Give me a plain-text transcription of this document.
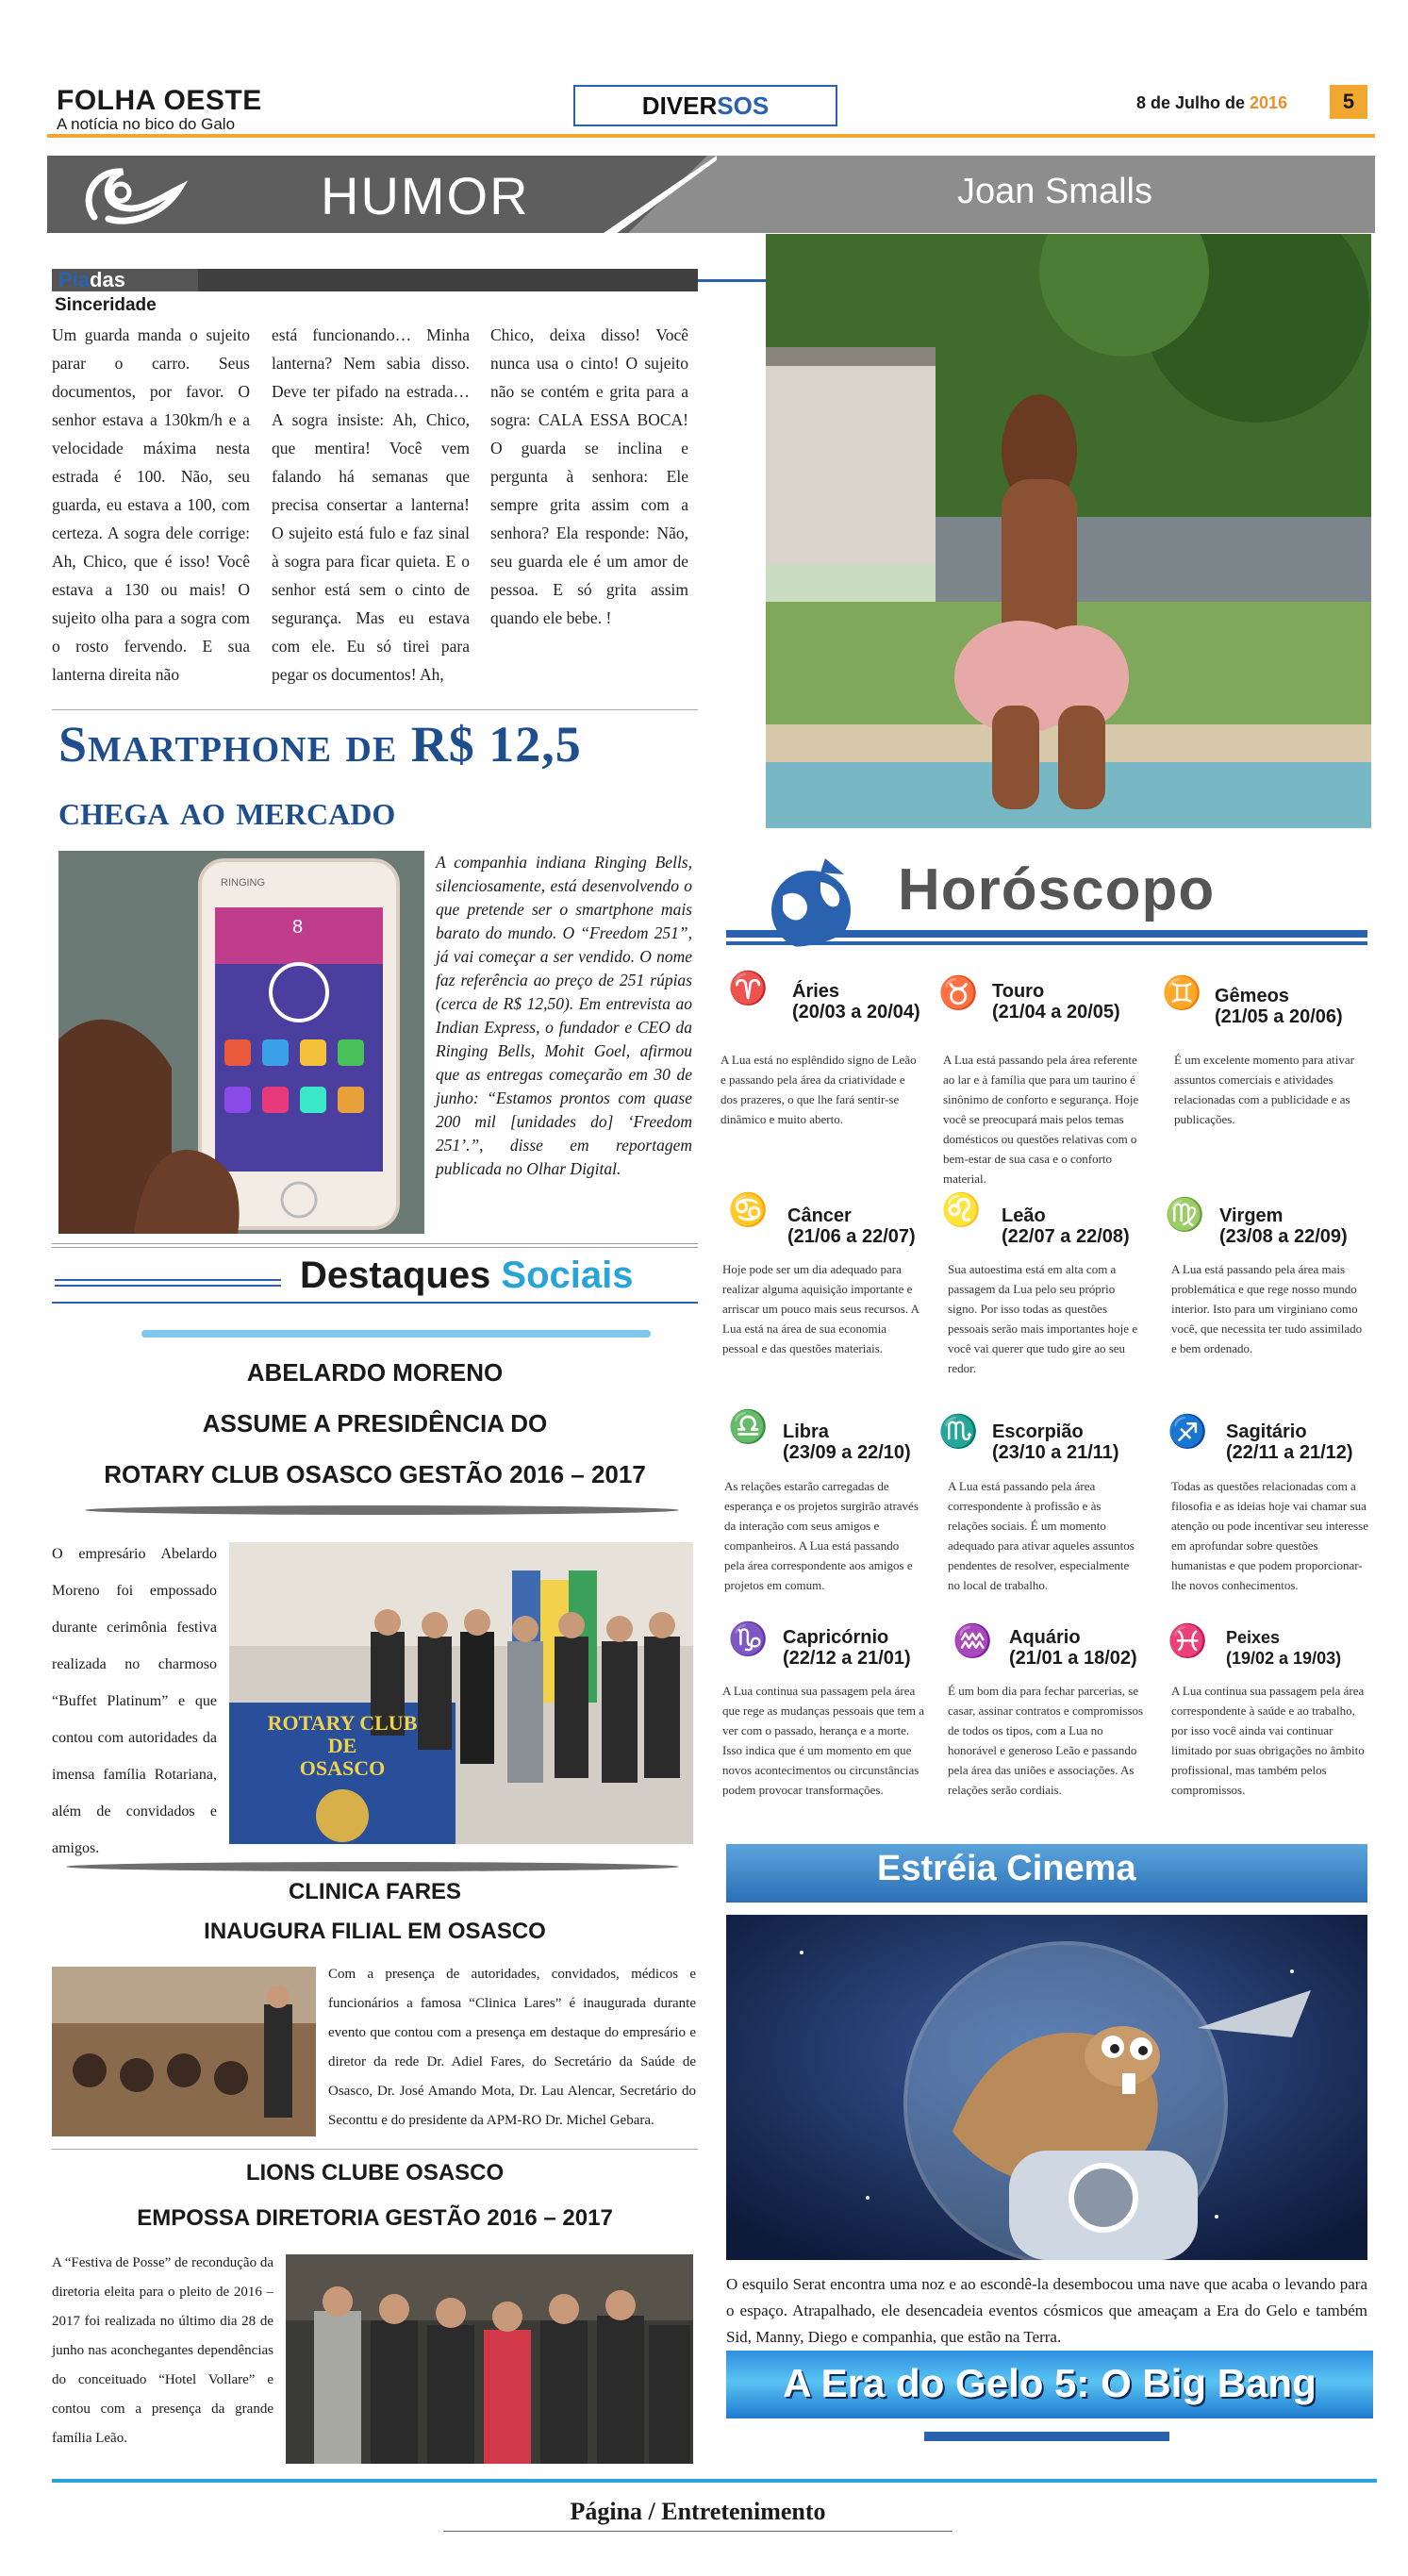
FOLHA OESTE
A notícia no bico do Galo
DIVER SOS	8 de Julho de 2016	5
HUMOR	Joan Smalls
Piadas
Sinceridade
Um guarda manda o sujeito parar o carro. Seus documentos, por favor. O senhor estava a 130km/h e a velocidade máxima nesta estrada é 100. Não, seu guarda, eu estava a 100, com certeza. A sogra dele corrige: Ah, Chico, que é isso! Você estava a 130 ou mais! O sujeito olha para a sogra com o rosto fervendo. E sua lanterna direita não
está funcionando… Minha lanterna? Nem sabia disso. Deve ter pifado na estrada… A sogra insiste: Ah, Chico, que mentira! Você vem falando há semanas que precisa consertar a lanterna! O sujeito está fulo e faz sinal à sogra para ficar quieta. E o senhor está sem o cinto de segurança. Mas eu estava com ele. Eu só tirei para pegar os documentos! Ah,
Chico, deixa disso! Você nunca usa o cinto! O sujeito não se contém e grita para a sogra: CALA ESSA BOCA! O guarda se inclina e pergunta à senhora: Ele sempre grita assim com a senhora? Ela responde: Não, seu guarda ele é um amor de pessoa. E só grita assim quando ele bebe. !
Smartphone de R$ 12,5
chega ao mercado
RINGING
8
A companhia indiana Ringing Bells, silenciosamente, está desenvolvendo o que pretende ser o smartphone mais barato do mundo. O “Freedom 251”, já vai começar a ser vendido. O nome faz referência ao preço de 251 rúpias (cerca de R$ 12,50). Em entrevista ao Indian Express, o fundador e CEO da Ringing Bells, Mohit Goel, afirmou que as entregas começarão em 30 de junho: “Estamos prontos com quase 200 mil [unidades do] ‘Freedom 251’.”, disse em reportagem publicada no Olhar Digital.
Destaques Sociais
ABELARDO MORENO
ASSUME A PRESIDÊNCIA DO
ROTARY CLUB OSASCO GESTÃO 2016 – 2017
O empresário Abelardo Moreno foi empossado durante cerimônia festiva realizada no charmoso “Buffet Platinum” e que contou com autoridades da imensa família Rotariana, além de convidados e amigos.
ROTARY CLUB
DE
OSASCO
CLINICA FARES
INAUGURA FILIAL EM OSASCO
Com a presença de autoridades, convidados, médicos e funcionários a famosa “Clinica Lares” é inaugurada durante evento que contou com a presença em destaque do empresário e diretor da rede Dr. Adiel Fares, do Secretário da Saúde de Osasco, Dr. José Amando Mota, Dr. Lau Alencar, Secretário do Seconttu e do presidente da APM-RO Dr. Michel Gebara.
LIONS CLUBE OSASCO
EMPOSSA DIRETORIA GESTÃO 2016 – 2017
A “Festiva de Posse” de recondução da diretoria eleita para o pleito de 2016 – 2017 foi realizada no último dia 28 de junho nas aconchegantes dependências do conceituado “Hotel Vollare” e contou com a presença da grande família Leão.
Horóscopo
♈ Áries
(20/03 a 20/04)
A Lua está no esplêndido signo de Leão e passando pela área da criatividade e dos prazeres, o que lhe fará sentir-se dinâmico e muito aberto.
♉ Touro
(21/04 a 20/05)
A Lua está passando pela área referente ao lar e à família que para um taurino é sinônimo de conforto e segurança. Hoje você se preocupará mais pelos temas domésticos ou questões relativas com o bem-estar de sua casa e o conforto material.
♊ Gêmeos
(21/05 a 20/06)
É um excelente momento para ativar assuntos comerciais e atividades relacionadas com a publicidade e as publicações.
♋ Câncer
(21/06 a 22/07)
Hoje pode ser um dia adequado para realizar alguma aquisição importante e arriscar um pouco mais seus recursos. A Lua está na área de sua economia pessoal e das questões materiais.
♌ Leão
(22/07 a 22/08)
Sua autoestima está em alta com a passagem da Lua pelo seu próprio signo. Por isso todas as questões pessoais serão mais importantes hoje e você vai querer que tudo gire ao seu redor.
♍ Virgem
(23/08 a 22/09)
A Lua está passando pela área mais problemática e que rege nosso mundo interior. Isto para um virginiano como você, que necessita ter tudo assimilado e bem ordenado.
♎ Libra
(23/09 a 22/10)
As relações estarão carregadas de esperança e os projetos surgirão através da interação com seus amigos e companheiros. A Lua está passando pela área correspondente aos amigos e projetos em comum.
♏ Escorpião
(23/10 a 21/11)
A Lua está passando pela área correspondente à profissão e às relações sociais. É um momento adequado para ativar aqueles assuntos pendentes de resolver, especialmente no local de trabalho.
♐ Sagitário
(22/11 a 21/12)
Todas as questões relacionadas com a filosofia e as ideias hoje vai chamar sua atenção ou pode incentivar seu interesse em aprofundar sobre questões humanistas e que podem proporcionar-lhe novos conhecimentos.
♑ Capricórnio
(22/12 a 21/01)
A Lua continua sua passagem pela área que rege as mudanças pessoais que tem a ver com o passado, herança e a morte. Isso indica que é um momento em que novos acontecimentos ou circunstâncias podem provocar transformações.
♒ Aquário
(21/01 a 18/02)
É um bom dia para fechar parcerias, se casar, assinar contratos e compromissos de todos os tipos, com a Lua no honorável e generoso Leão e passando pela área das uniões e associações. As relações serão cordiais.
♓ Peixes
(19/02 a 19/03)
A Lua continua sua passagem pela área correspondente à saúde e ao trabalho, por isso você ainda vai continuar limitado por suas obrigações no âmbito profissional, mas também pelos compromissos.
Estréia Cinema
O esquilo Serat encontra uma noz e ao escondê-la desembocou uma nave que acaba o levando para o espaço. Atrapalhado, ele desencadeia eventos cósmicos que ameaçam a Era do Gelo e também Sid, Manny, Diego e companhia, que estão na Terra.
A Era do Gelo 5: O Big Bang
Página / Entretenimento
